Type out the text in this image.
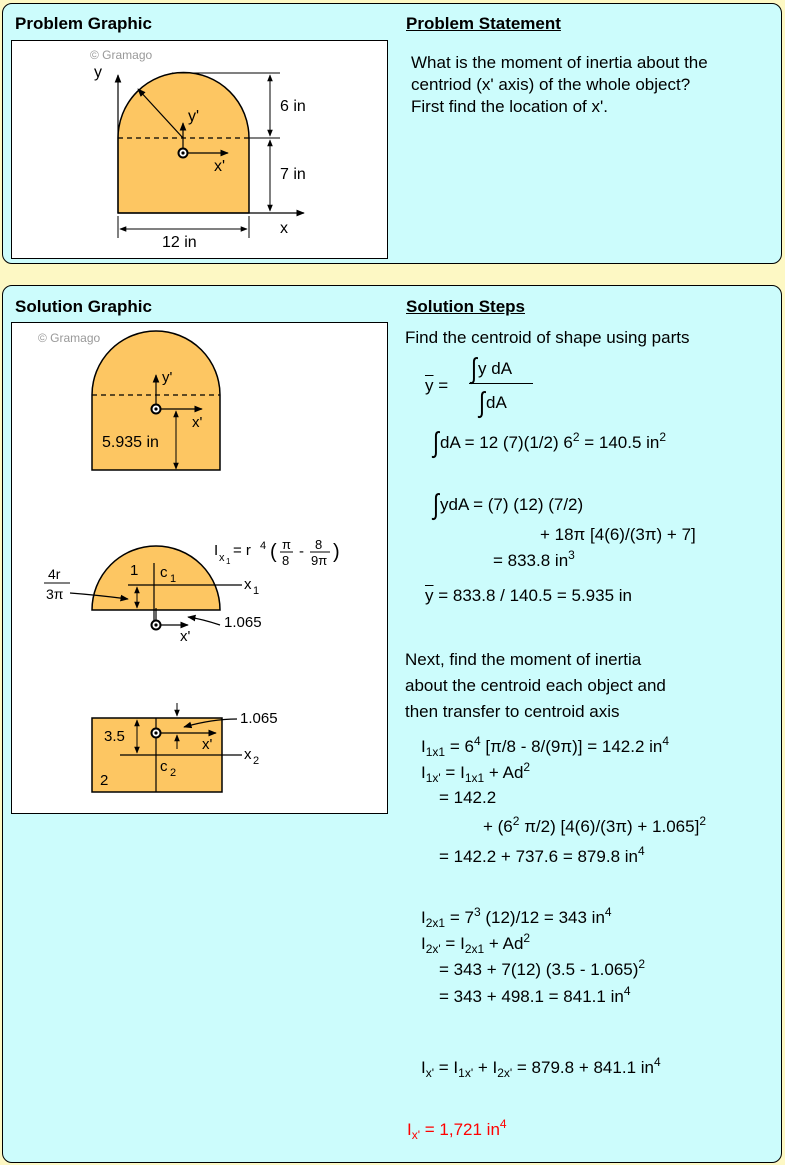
Problem Graphic	Problem Statement
© Gramago
y
x
y'
x'
6 in
7 in
12 in
What is the moment of inertia about the
centriod (x' axis) of the whole object?
First find the location of x'.
Solution Graphic	Solution Steps
© Gramago
y'
x'
5.935 in
1 c 1	x 1
4r
3π
x'
1.065
I x 1
= r 4 ( π
8
- 8
9π )
3.5	x'
1.065
2
c 2
x 2
Find the centroid of shape using parts
$\overline{y}$ =
∫y dA
∫dA
∫dA = 12 (7)(1/2) $6^2 = 140.5$ $in^2$
∫ydA = (7) (12) (7/2)
+ 18π [4(6)/(3π) + 7]
= 833.8 $in^3$
$\overline{y} = 833.8 / 140.5 = 5.935$ in
Next, find the moment of inertia
about the centroid each object and
then transfer to centroid axis
$I_{1x1} = 6^4$ [π/8 - 8/(9π)] = 142.2 $in^4$
$I_{1x'} = I_{1x1} + Ad^2$
= 142.2
+ ($6^2$ π/2) $[4(6)/(3\pi) + 1.065]^2$
= 142.2 + 737.6 = 879.8 $in^4$
$I_{2x1} = 7^3$ (12)/12 = 343 $in^4$
$I_{2x'} = I_{2x1} + Ad^2$
= 343 + 7(12) (3.5 - 1.065)$^2$
= 343 + 498.1 = 841.1 $in^4$
$I_{x'} = I_{1x'} + I_{2x'} = 879.8 + 841.1$ $in^4$
$I_{x'} = 1,721$ $in^4$
